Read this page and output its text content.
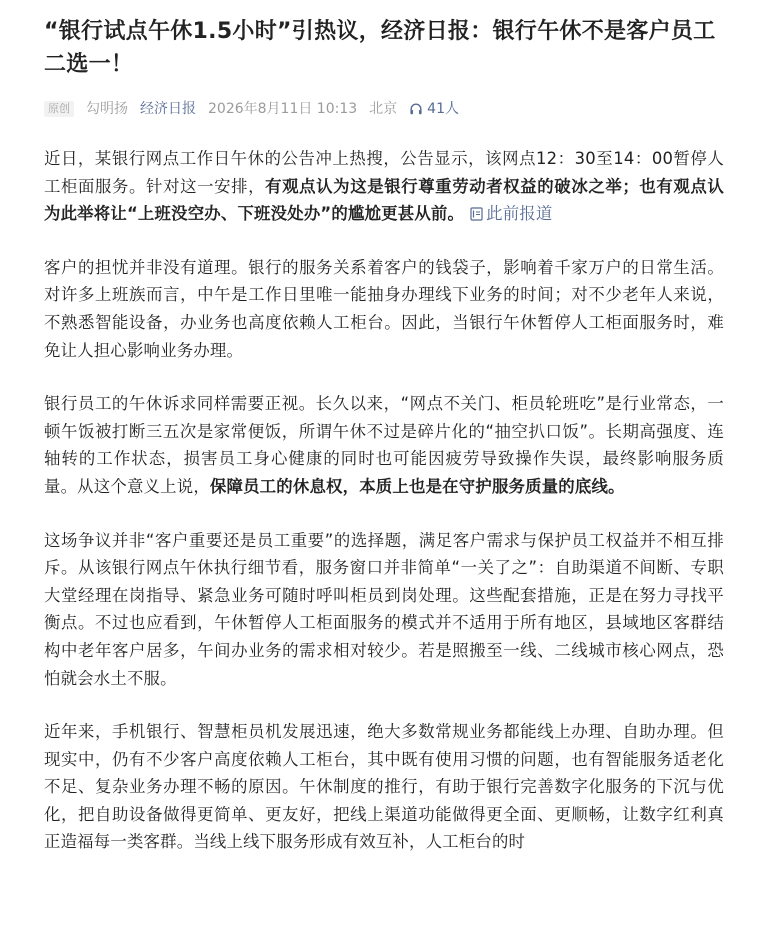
“银行试点午休1.5小时”引热议，经济日报：银行午休不是客户员工二选一！
原创 勾明扬 经济日报 2026年8月11日 10:13 北京 41人

近日，某银行网点工作日午休的公告冲上热搜，公告显示，该网点12：30至14：00暂停人工柜面服务。针对这一安排，有观点认为这是银行尊重劳动者权益的破冰之举；也有观点认为此举将让“上班没空办、下班没处办”的尴尬更甚从前。 此前报道

客户的担忧并非没有道理。银行的服务关系着客户的钱袋子，影响着千家万户的日常生活。对许多上班族而言，中午是工作日里唯一能抽身办理线下业务的时间；对不少老年人来说，不熟悉智能设备，办业务也高度依赖人工柜台。因此，当银行午休暂停人工柜面服务时，难免让人担心影响业务办理。

银行员工的午休诉求同样需要正视。长久以来，“网点不关门、柜员轮班吃”是行业常态，一顿午饭被打断三五次是家常便饭，所谓午休不过是碎片化的“抽空扒口饭”。长期高强度、连轴转的工作状态，损害员工身心健康的同时也可能因疲劳导致操作失误，最终影响服务质量。从这个意义上说，保障员工的休息权，本质上也是在守护服务质量的底线。

这场争议并非“客户重要还是员工重要”的选择题，满足客户需求与保护员工权益并不相互排斥。从该银行网点午休执行细节看，服务窗口并非简单“一关了之”：自助渠道不间断、专职大堂经理在岗指导、紧急业务可随时呼叫柜员到岗处理。这些配套措施，正是在努力寻找平衡点。不过也应看到，午休暂停人工柜面服务的模式并不适用于所有地区，县域地区客群结构中老年客户居多，午间办业务的需求相对较少。若是照搬至一线、二线城市核心网点，恐怕就会水土不服。

近年来，手机银行、智慧柜员机发展迅速，绝大多数常规业务都能线上办理、自助办理。但现实中，仍有不少客户高度依赖人工柜台，其中既有使用习惯的问题，也有智能服务适老化不足、复杂业务办理不畅的原因。午休制度的推行，有助于银行完善数字化服务的下沉与优化，把自助设备做得更简单、更友好，把线上渠道功能做得更全面、更顺畅，让数字红利真正造福每一类客群。当线上线下服务形成有效互补，人工柜台的时
